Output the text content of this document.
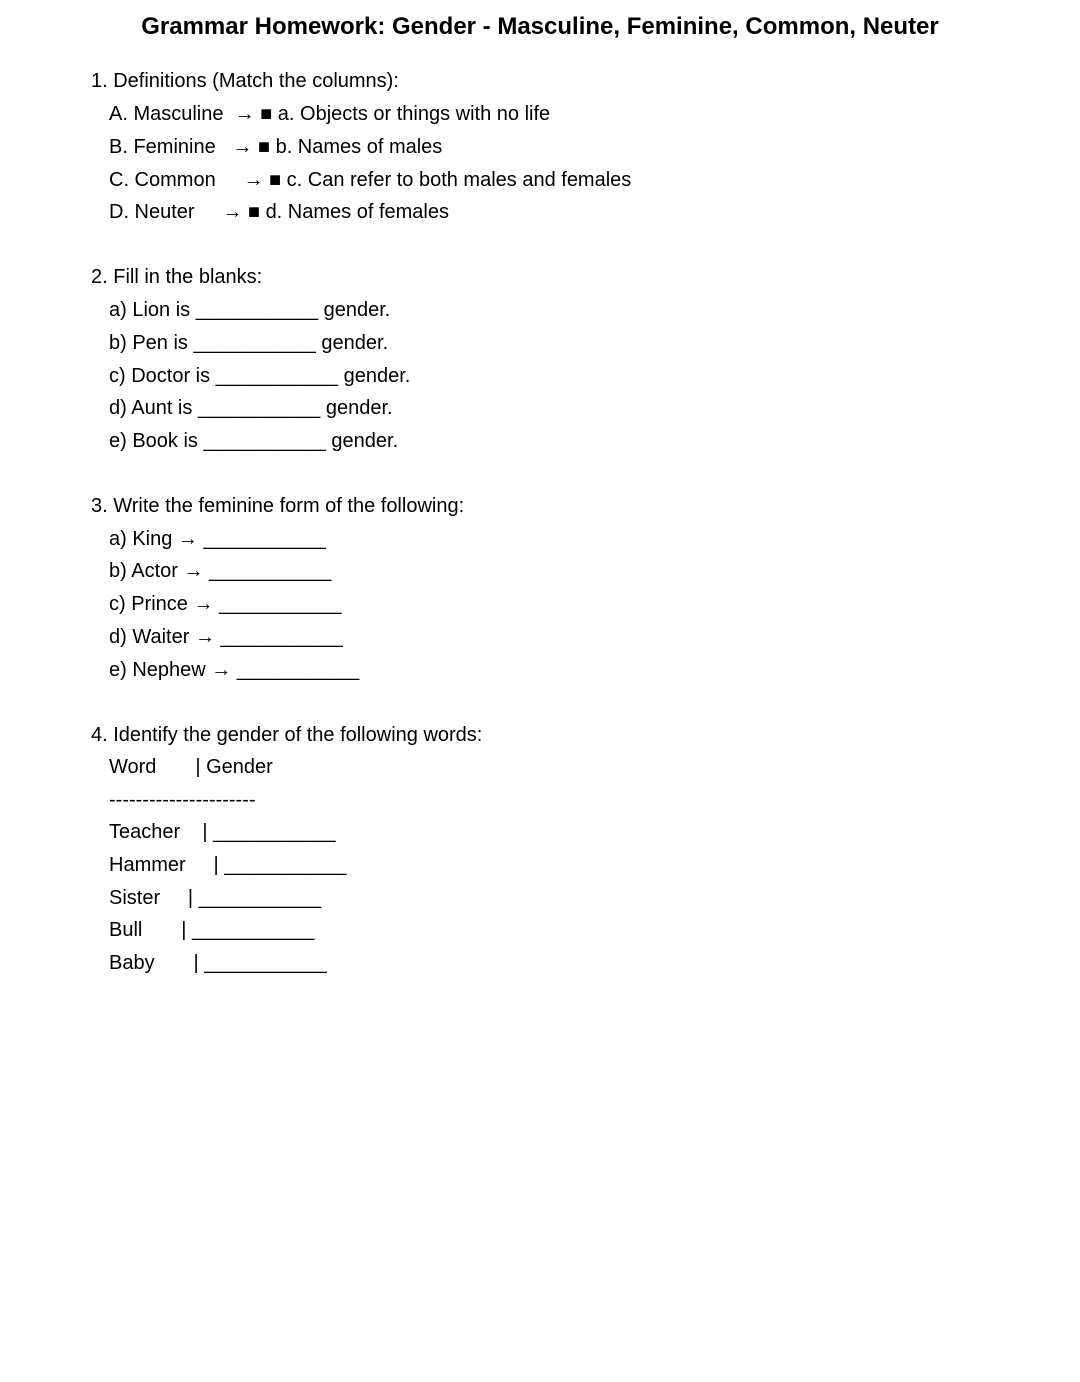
Grammar Homework: Gender - Masculine, Feminine, Common, Neuter
1. Definitions (Match the columns):
A. Masculine  → ■ a. Objects or things with no life
B. Feminine   → ■ b. Names of males
C. Common     → ■ c. Can refer to both males and females
D. Neuter     → ■ d. Names of females
2. Fill in the blanks:
a) Lion is ___________ gender.
b) Pen is ___________ gender.
c) Doctor is ___________ gender.
d) Aunt is ___________ gender.
e) Book is ___________ gender.
3. Write the feminine form of the following:
a) King → ___________
b) Actor → ___________
c) Prince → ___________
d) Waiter → ___________
e) Nephew → ___________
4. Identify the gender of the following words:
Word       | Gender
----------------------
Teacher    | ___________
Hammer     | ___________
Sister     | ___________
Bull       | ___________
Baby       | ___________
